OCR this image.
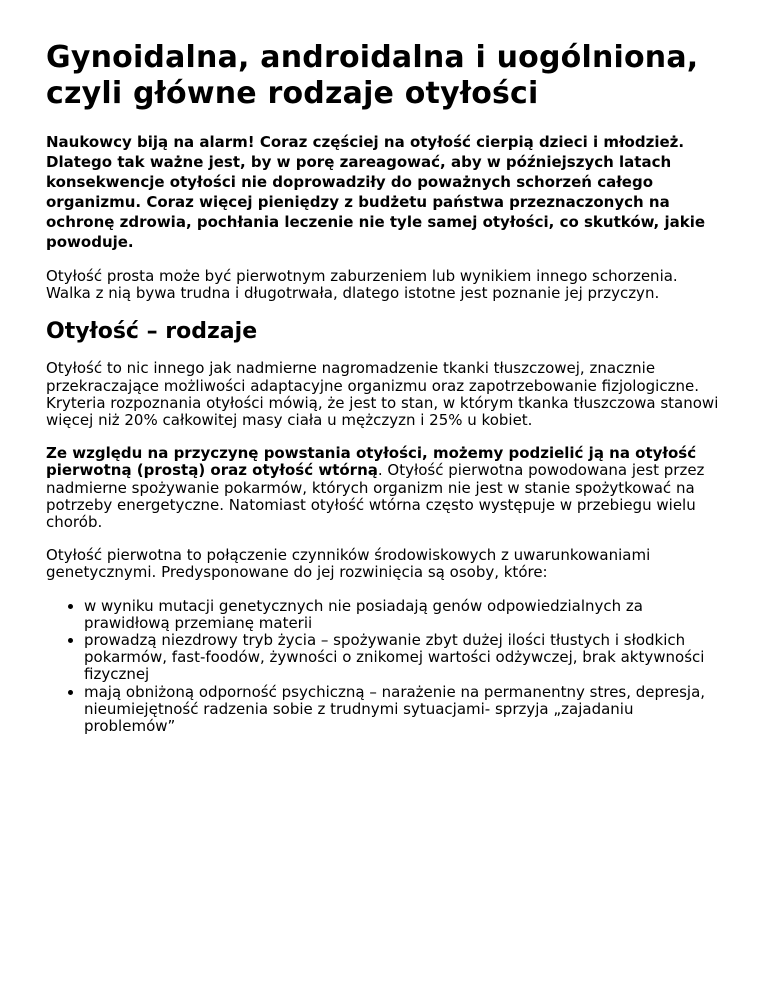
Gynoidalna, androidalna i uogólniona, czyli główne rodzaje otyłości

Naukowcy biją na alarm! Coraz częściej na otyłość cierpią dzieci i młodzież. Dlatego tak ważne jest, by w porę zareagować, aby w późniejszych latach konsekwencje otyłości nie doprowadziły do poważnych schorzeń całego organizmu. Coraz więcej pieniędzy z budżetu państwa przeznaczonych na ochronę zdrowia, pochłania leczenie nie tyle samej otyłości, co skutków, jakie powoduje.

Otyłość prosta może być pierwotnym zaburzeniem lub wynikiem innego schorzenia. Walka z nią bywa trudna i długotrwała, dlatego istotne jest poznanie jej przyczyn.

Otyłość – rodzaje

Otyłość to nic innego jak nadmierne nagromadzenie tkanki tłuszczowej, znacznie przekraczające możliwości adaptacyjne organizmu oraz zapotrzebowanie fizjologiczne. Kryteria rozpoznania otyłości mówią, że jest to stan, w którym tkanka tłuszczowa stanowi więcej niż 20% całkowitej masy ciała u mężczyzn i 25% u kobiet.

Ze względu na przyczynę powstania otyłości, możemy podzielić ją na otyłość pierwotną (prostą) oraz otyłość wtórną. Otyłość pierwotna powodowana jest przez nadmierne spożywanie pokarmów, których organizm nie jest w stanie spożytkować na potrzeby energetyczne. Natomiast otyłość wtórna często występuje w przebiegu wielu chorób.

Otyłość pierwotna to połączenie czynników środowiskowych z uwarunkowaniami genetycznymi. Predysponowane do jej rozwinięcia są osoby, które:

• w wyniku mutacji genetycznych nie posiadają genów odpowiedzialnych za prawidłową przemianę materii
• prowadzą niezdrowy tryb życia – spożywanie zbyt dużej ilości tłustych i słodkich pokarmów, fast-foodów, żywności o znikomej wartości odżywczej, brak aktywności fizycznej
• mają obniżoną odporność psychiczną – narażenie na permanentny stres, depresja, nieumiejętność radzenia sobie z trudnymi sytuacjami- sprzyja „zajadaniu problemów”
